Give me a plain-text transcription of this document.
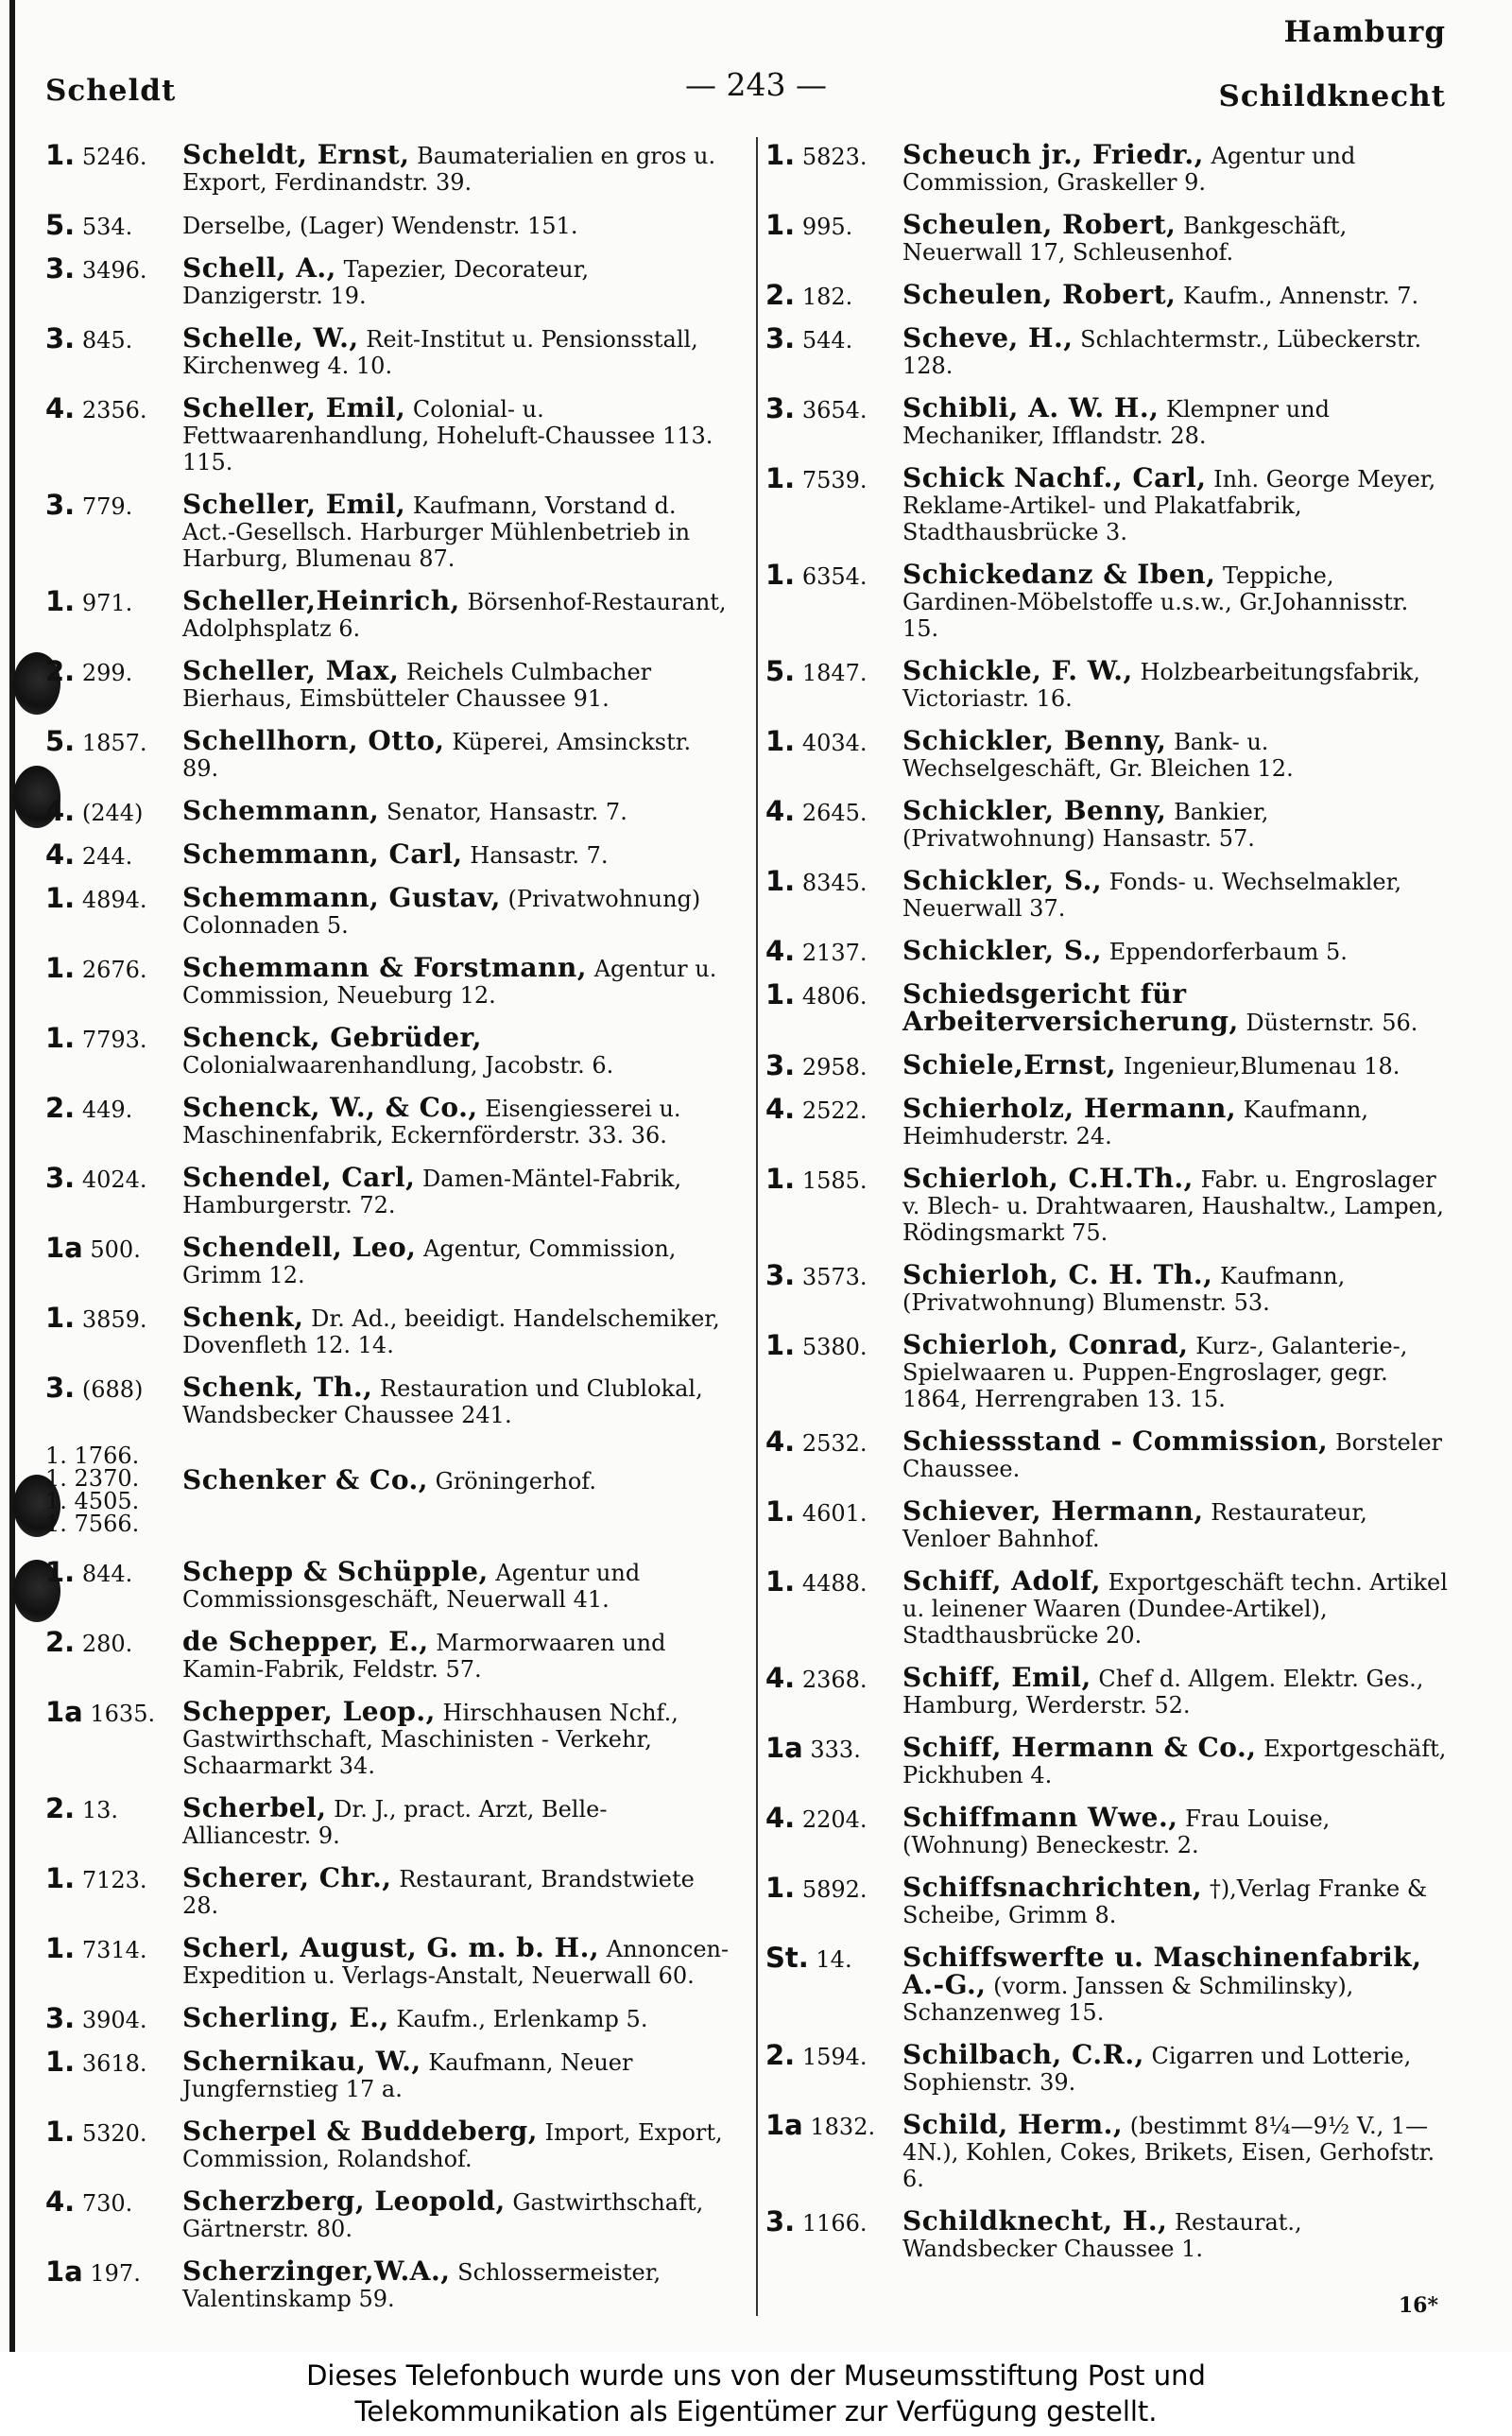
Hamburg
Scheldt	— 243 —	Schildknecht
1. 5246. Scheldt, Ernst, Baumaterialien en gros u. Export, Ferdinandstr. 39.
5. 534. Derselbe, (Lager) Wendenstr. 151.
3. 3496. Schell, A., Tapezier, Decorateur, Danzigerstr. 19.
3. 845. Schelle, W., Reit-Institut u. Pensionsstall, Kirchenweg 4. 10.
4. 2356. Scheller, Emil, Colonial- u. Fettwaarenhandlung, Hoheluft-Chaussee 113. 115.
3. 779. Scheller, Emil, Kaufmann, Vorstand d. Act.-Gesellsch. Harburger Mühlenbetrieb in Harburg, Blumenau 87.
1. 971. Scheller,Heinrich, Börsenhof-Restaurant, Adolphsplatz 6.
2. 299. Scheller, Max, Reichels Culmbacher Bierhaus, Eimsbütteler Chaussee 91.
5. 1857. Schellhorn, Otto, Küperei, Amsinckstr. 89.
4. (244) Schemmann, Senator, Hansastr. 7.
4. 244. Schemmann, Carl, Hansastr. 7.
1. 4894. Schemmann, Gustav, (Privatwohnung) Colonnaden 5.
1. 2676. Schemmann & Forstmann, Agentur u. Commission, Neueburg 12.
1. 7793. Schenck, Gebrüder, Colonialwaarenhandlung, Jacobstr. 6.
2. 449. Schenck, W., & Co., Eisengiesserei u. Maschinenfabrik, Eckernförderstr. 33. 36.
3. 4024. Schendel, Carl, Damen-Mäntel-Fabrik, Hamburgerstr. 72.
1a 500. Schendell, Leo, Agentur, Commission, Grimm 12.
1. 3859. Schenk, Dr. Ad., beeidigt. Handelschemiker, Dovenfleth 12. 14.
3. (688) Schenk, Th., Restauration und Clublokal, Wandsbecker Chaussee 241.
1. 1766.
1. 2370.
1. 4505.
1. 7566.
Schenker & Co., Gröningerhof.
1. 844. Schepp & Schüpple, Agentur und Commissionsgeschäft, Neuerwall 41.
2. 280. de Schepper, E., Marmorwaaren und Kamin-Fabrik, Feldstr. 57.
1a 1635. Schepper, Leop., Hirschhausen Nchf., Gastwirthschaft, Maschinisten - Verkehr, Schaarmarkt 34.
2. 13. Scherbel, Dr. J., pract. Arzt, Belle-Alliancestr. 9.
1. 7123. Scherer, Chr., Restaurant, Brandstwiete 28.
1. 7314. Scherl, August, G. m. b. H., Annoncen-Expedition u. Verlags-Anstalt, Neuerwall 60.
3. 3904. Scherling, E., Kaufm., Erlenkamp 5.
1. 3618. Schernikau, W., Kaufmann, Neuer Jungfernstieg 17 a.
1. 5320. Scherpel & Buddeberg, Import, Export, Commission, Rolandshof.
4. 730. Scherzberg, Leopold, Gastwirthschaft, Gärtnerstr. 80.
1a 197. Scherzinger,W.A., Schlossermeister, Valentinskamp 59.
1. 5823. Scheuch jr., Friedr., Agentur und Commission, Graskeller 9.
1. 995. Scheulen, Robert, Bankgeschäft, Neuerwall 17, Schleusenhof.
2. 182. Scheulen, Robert, Kaufm., Annenstr. 7.
3. 544. Scheve, H., Schlachtermstr., Lübeckerstr. 128.
3. 3654. Schibli, A. W. H., Klempner und Mechaniker, Ifflandstr. 28.
1. 7539. Schick Nachf., Carl, Inh. George Meyer, Reklame-Artikel- und Plakatfabrik, Stadthausbrücke 3.
1. 6354. Schickedanz & Iben, Teppiche, Gardinen-Möbelstoffe u.s.w., Gr.Johannisstr. 15.
5. 1847. Schickle, F. W., Holzbearbeitungsfabrik, Victoriastr. 16.
1. 4034. Schickler, Benny, Bank- u. Wechselgeschäft, Gr. Bleichen 12.
4. 2645. Schickler, Benny, Bankier, (Privatwohnung) Hansastr. 57.
1. 8345. Schickler, S., Fonds- u. Wechselmakler, Neuerwall 37.
4. 2137. Schickler, S., Eppendorferbaum 5.
1. 4806. Schiedsgericht für Arbeiterversicherung, Düsternstr. 56.
3. 2958. Schiele,Ernst, Ingenieur,Blumenau 18.
4. 2522. Schierholz, Hermann, Kaufmann, Heimhuderstr. 24.
1. 1585. Schierloh, C.H.Th., Fabr. u. Engroslager v. Blech- u. Drahtwaaren, Haushaltw., Lampen, Rödingsmarkt 75.
3. 3573. Schierloh, C. H. Th., Kaufmann, (Privatwohnung) Blumenstr. 53.
1. 5380. Schierloh, Conrad, Kurz-, Galanterie-, Spielwaaren u. Puppen-Engroslager, gegr. 1864, Herrengraben 13. 15.
4. 2532. Schiessstand - Commission, Borsteler Chaussee.
1. 4601. Schiever, Hermann, Restaurateur, Venloer Bahnhof.
1. 4488. Schiff, Adolf, Exportgeschäft techn. Artikel u. leinener Waaren (Dundee-Artikel), Stadthausbrücke 20.
4. 2368. Schiff, Emil, Chef d. Allgem. Elektr. Ges., Hamburg, Werderstr. 52.
1a 333. Schiff, Hermann & Co., Exportgeschäft, Pickhuben 4.
4. 2204. Schiffmann Wwe., Frau Louise, (Wohnung) Beneckestr. 2.
1. 5892. Schiffsnachrichten, †),Verlag Franke & Scheibe, Grimm 8.
St. 14. Schiffswerfte u. Maschinenfabrik, A.-G., (vorm. Janssen & Schmilinsky), Schanzenweg 15.
2. 1594. Schilbach, C.R., Cigarren und Lotterie, Sophienstr. 39.
1a 1832. Schild, Herm., (bestimmt 8¼—9½ V., 1—4N.), Kohlen, Cokes, Brikets, Eisen, Gerhofstr. 6.
3. 1166. Schildknecht, H., Restaurat., Wandsbecker Chaussee 1.
16*
Dieses Telefonbuch wurde uns von der Museumsstiftung Post und
Telekommunikation als Eigentümer zur Verfügung gestellt.
